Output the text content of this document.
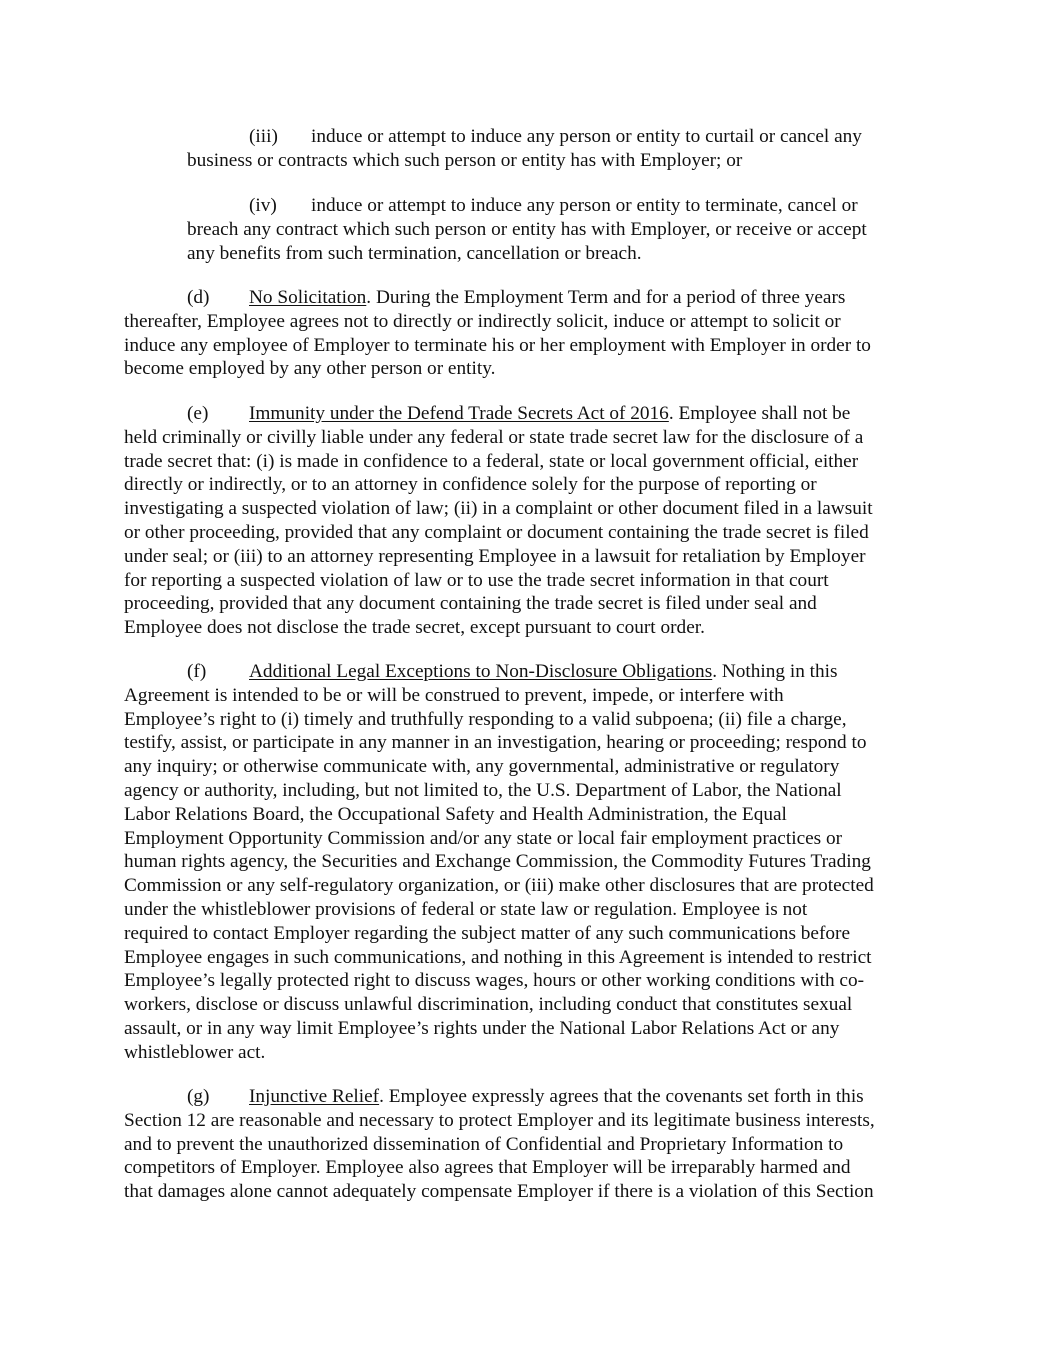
(iii) induce or attempt to induce any person or entity to curtail or cancel any
business or contracts which such person or entity has with Employer; or
(iv) induce or attempt to induce any person or entity to terminate, cancel or
breach any contract which such person or entity has with Employer, or receive or accept
any benefits from such termination, cancellation or breach.
(d) No Solicitation. During the Employment Term and for a period of three years
thereafter, Employee agrees not to directly or indirectly solicit, induce or attempt to solicit or
induce any employee of Employer to terminate his or her employment with Employer in order to
become employed by any other person or entity.
(e) Immunity under the Defend Trade Secrets Act of 2016. Employee shall not be
held criminally or civilly liable under any federal or state trade secret law for the disclosure of a
trade secret that: (i) is made in confidence to a federal, state or local government official, either
directly or indirectly, or to an attorney in confidence solely for the purpose of reporting or
investigating a suspected violation of law; (ii) in a complaint or other document filed in a lawsuit
or other proceeding, provided that any complaint or document containing the trade secret is filed
under seal; or (iii) to an attorney representing Employee in a lawsuit for retaliation by Employer
for reporting a suspected violation of law or to use the trade secret information in that court
proceeding, provided that any document containing the trade secret is filed under seal and
Employee does not disclose the trade secret, except pursuant to court order.
(f) Additional Legal Exceptions to Non-Disclosure Obligations. Nothing in this
Agreement is intended to be or will be construed to prevent, impede, or interfere with
Employee’s right to (i) timely and truthfully responding to a valid subpoena; (ii) file a charge,
testify, assist, or participate in any manner in an investigation, hearing or proceeding; respond to
any inquiry; or otherwise communicate with, any governmental, administrative or regulatory
agency or authority, including, but not limited to, the U.S. Department of Labor, the National
Labor Relations Board, the Occupational Safety and Health Administration, the Equal
Employment Opportunity Commission and/or any state or local fair employment practices or
human rights agency, the Securities and Exchange Commission, the Commodity Futures Trading
Commission or any self-regulatory organization, or (iii) make other disclosures that are protected
under the whistleblower provisions of federal or state law or regulation. Employee is not
required to contact Employer regarding the subject matter of any such communications before
Employee engages in such communications, and nothing in this Agreement is intended to restrict
Employee’s legally protected right to discuss wages, hours or other working conditions with co-
workers, disclose or discuss unlawful discrimination, including conduct that constitutes sexual
assault, or in any way limit Employee’s rights under the National Labor Relations Act or any
whistleblower act.
(g) Injunctive Relief. Employee expressly agrees that the covenants set forth in this
Section 12 are reasonable and necessary to protect Employer and its legitimate business interests,
and to prevent the unauthorized dissemination of Confidential and Proprietary Information to
competitors of Employer. Employee also agrees that Employer will be irreparably harmed and
that damages alone cannot adequately compensate Employer if there is a violation of this Section
